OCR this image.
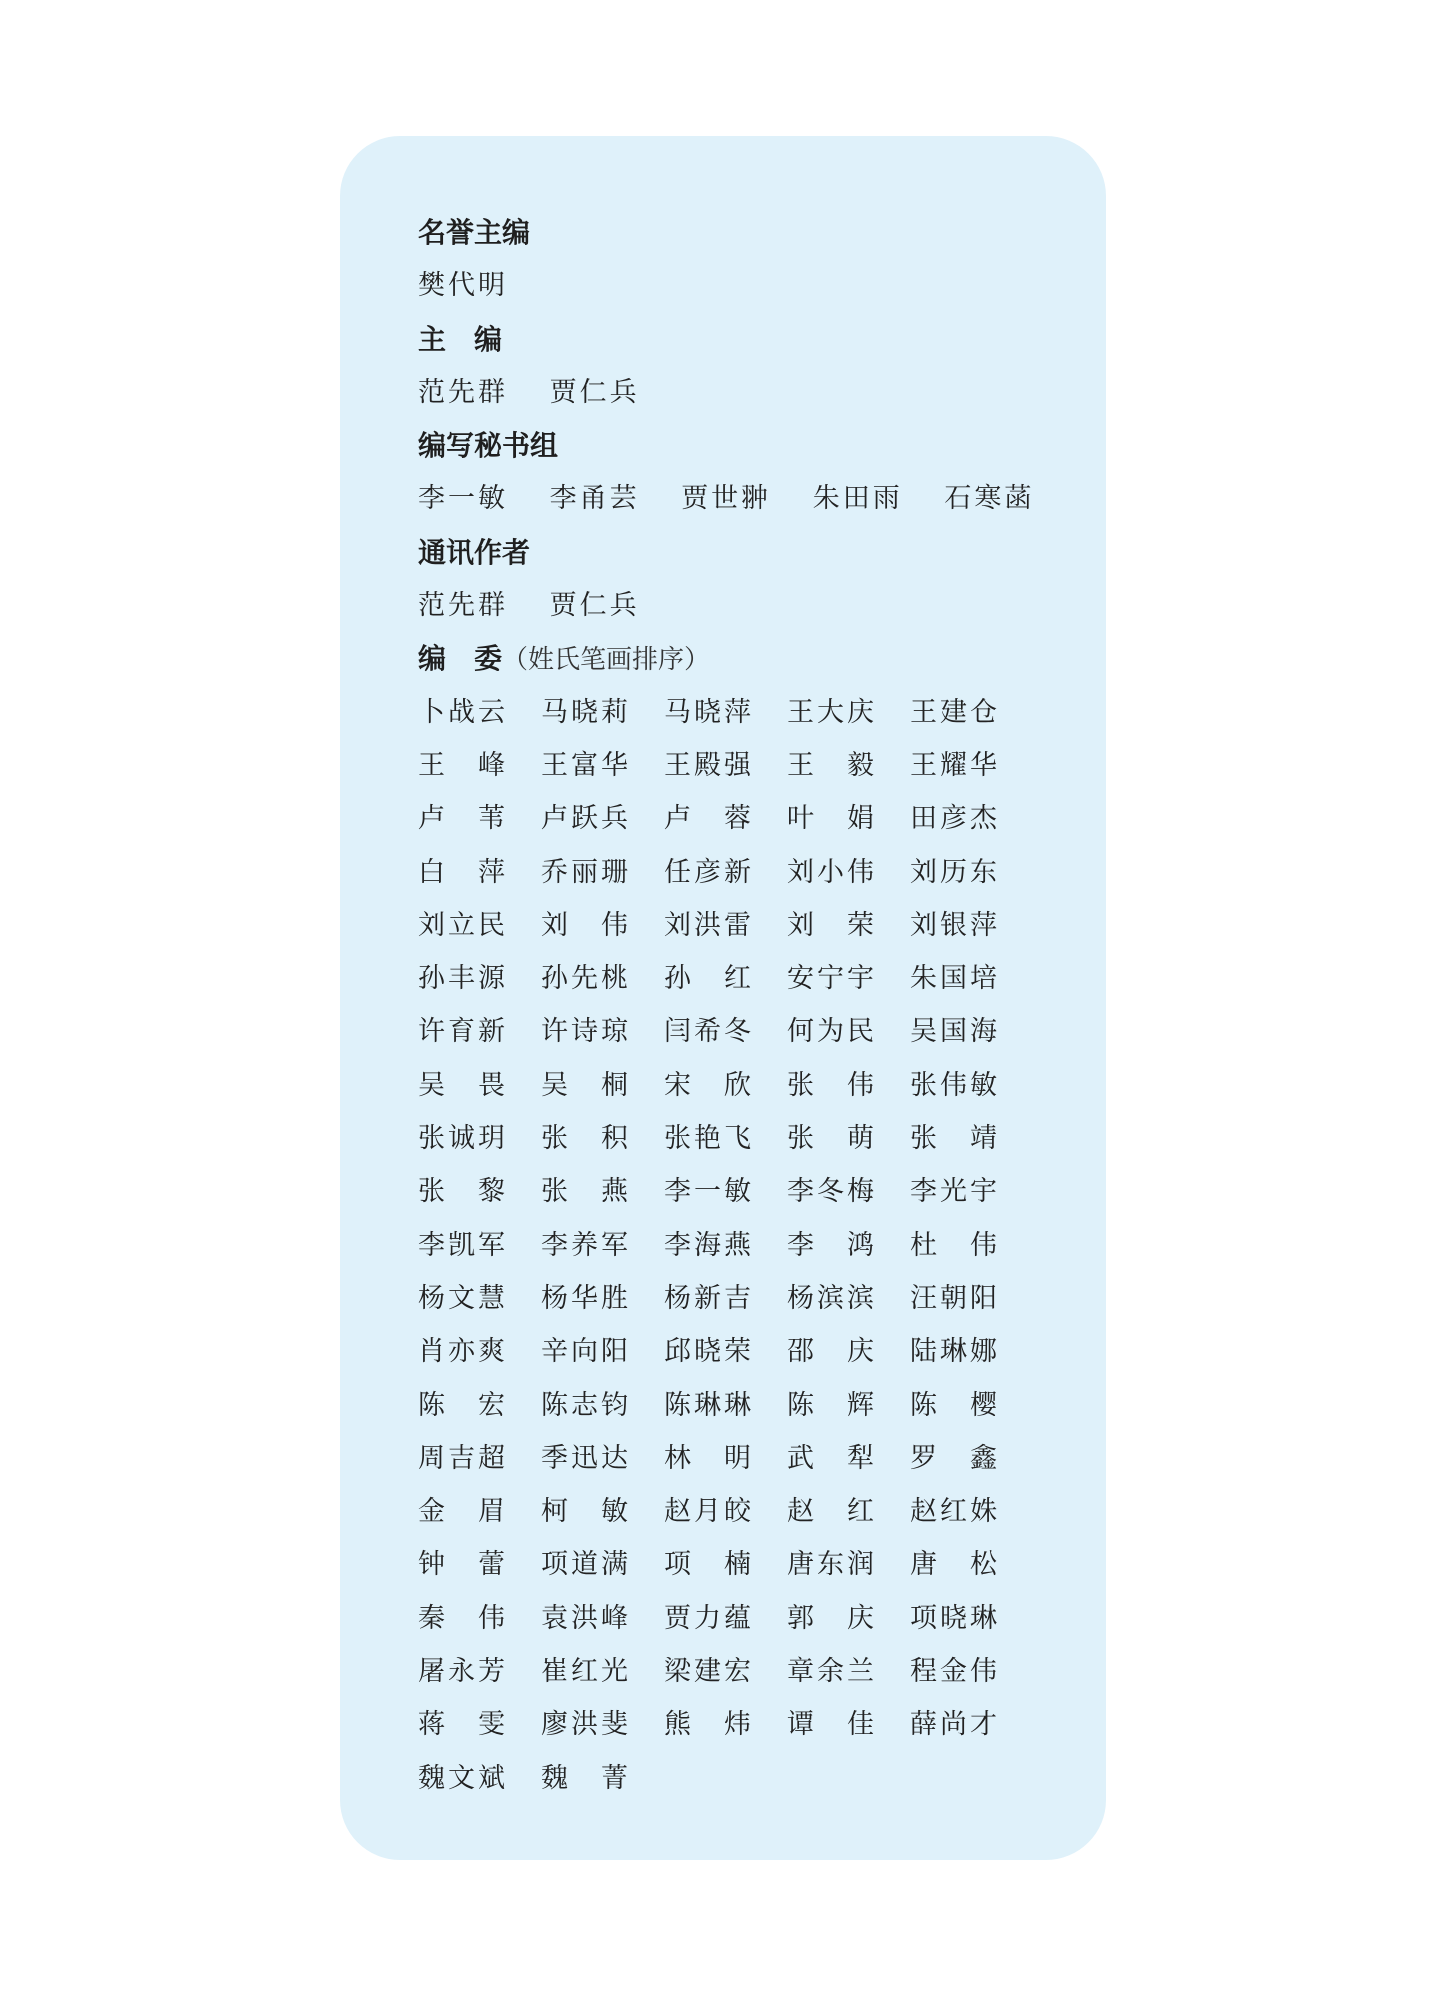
名誉主编
樊代明
主　编
范先群 贾仁兵
编写秘书组
李一敏 李甬芸 贾世翀 朱田雨 石寒菡
通讯作者
范先群 贾仁兵
编　委（姓氏笔画排序）
卜战云 马晓莉 马晓萍 王大庆 王建仓
王　峰 王富华 王殿强 王　毅 王耀华
卢　苇 卢跃兵 卢　蓉 叶　娟 田彦杰
白　萍 乔丽珊 任彦新 刘小伟 刘历东
刘立民 刘　伟 刘洪雷 刘　荣 刘银萍
孙丰源 孙先桃 孙　红 安宁宇 朱国培
许育新 许诗琼 闫希冬 何为民 吴国海
吴　畏 吴　桐 宋　欣 张　伟 张伟敏
张诚玥 张　积 张艳飞 张　萌 张　靖
张　黎 张　燕 李一敏 李冬梅 李光宇
李凯军 李养军 李海燕 李　鸿 杜　伟
杨文慧 杨华胜 杨新吉 杨滨滨 汪朝阳
肖亦爽 辛向阳 邱晓荣 邵　庆 陆琳娜
陈　宏 陈志钧 陈琳琳 陈　辉 陈　樱
周吉超 季迅达 林　明 武　犁 罗　鑫
金　眉 柯　敏 赵月皎 赵　红 赵红姝
钟　蕾 项道满 项　楠 唐东润 唐　松
秦　伟 袁洪峰 贾力蕴 郭　庆 项晓琳
屠永芳 崔红光 梁建宏 章余兰 程金伟
蒋　雯 廖洪斐 熊　炜 谭　佳 薛尚才
魏文斌 魏　菁
